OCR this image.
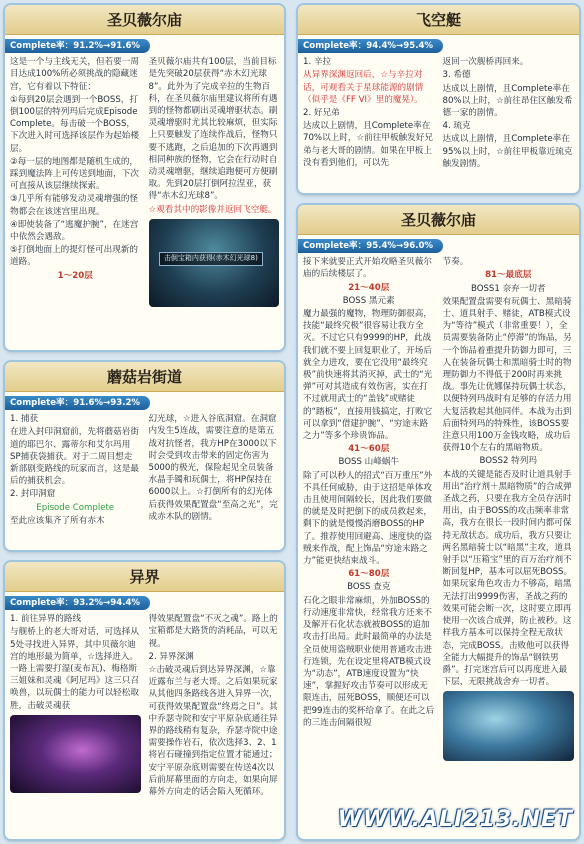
圣贝薇尔庙
Complete率：91.2%→91.6%

这是一个与主线无关，但若要一周目达成100%所必须挑战的隐藏迷宫，它有着以下特征：

①每到20层会遇到一个BOSS，打倒100层的特列玛后完成Episode Complete。每击破一个BOSS，下次进入时可选择该层作为起始楼层。

②每一层的地图都是随机生成的，踩到魔法阵上可传送到地面，下次可直接从该层继续探索。

③几乎所有能够发动灵魂增强的怪物都会在该迷宫里出现。

④即使装备了“逃魔护腕”，在迷宫中依然会遇敌。

⑤打倒地面上的提灯怪可出现新的道路。

1～20层

圣贝薇尔庙共有100层，当前目标是先突破20层获得“赤木幻光球8”。此外为了完成辛拉的生物百科，在圣贝薇尔庙里建议将所有遇到的怪物都刷出灵魂增驱状态。刷灵魂增驱时尤其比较麻烦，但实际上只要触发了连续作战后，怪物只要不逃跑，之后追加的下次再遇到相同种族的怪物，它会在行动时自动灵魂增驱，继续追跑便可方便刷取。先到20层打倒阿拉涅亚，获得“赤木幻光球8”。

☆观看其中的影像并返回飞空艇。

击倒宝箱内获得(赤木幻光球8)
飞空艇
Complete率：94.4%→95.4%

1. 辛拉

从异界深渊返回后，☆与辛拉对话，可观看关于星球能源的剧情（似乎是《FF VI》里的魔晃）。

2. 好兄弟

达成以上剧情，且Complete率在70%以上时，☆前往甲板触发好兄弟与老大哥的剧情。如果在甲板上没有看到他们，可以先

返回一次舰桥再回来。

3. 希德

达成以上剧情，且Complete率在80%以上时，☆前往昂住区触发希德一家的剧情。

4. 琉克

达成以上剧情，且Complete率在95%以上时，☆前往甲板靠近琉克触发剧情。

圣贝薇尔庙
Complete率：95.4%→96.0%

接下来就要正式开始攻略圣贝薇尔庙的后续楼层了。

21～40层

BOSS 黑元素

魔力最强的魔物，物理防御很高，技能“最终究极”很容易让我方全灭。不过它只有9999的HP，此战我们就不要上回复职业了，开场后就全力进攻，要在它没用“最终究极”前快速将其消灭掉，武士的“光弹”可对其造成有效伤害，实在打不过就用武士的“盖钱”或赌徒的“踏板”，直接用钱搞定，打败它可以拿到“借建护腕”、“穷途末路之力”等多个珍贵饰品。

41～60层

BOSS 山峰蜗牛

除了可以秒人的招式“百万重压”外不具任何威胁，由于这招是单体攻击且使用间隔较长，因此我们要做的就是及时把倒下的成员救起来，剩下的就是慢慢消磨BOSS的HP了。推荐使用回避高、速度快的盗贼来作战，配上饰品“穷途末路之力”能更快结束战斗。

61～80层

BOSS 查克

石化之眼非常麻烦，外加BOSS的行动速度非常快，经常我方还来不及解开石化状态就被BOSS的追加攻击打出局。此时最简单的办法是全员使用盗贼职业使用普通攻击进行连锁，先在设定里将ATB模式设为“动态”，ATB速度设置为“快速”，掌握好攻击节奏可以形成无限连击，屈死BOSS，顺便还可以把99连击的奖杯给拿了。在此之后的三连击间隔很短

节奏。

81～最底层

BOSS1 奈弃一切者

效果配置盘需要有玩偶士、黑暗骑士、道具射手、赌徒，ATB模式设为“等待”模式（非常重要！），全员需要装备防止“停滞”的饰品，另一个饰品着重提升防御力即可，三人在装备玩偶士和黑暗骑士时的物理防御力不得低于200时再来挑战。事先让优娜保持玩偶士状态，以便特列玛战时有足够的存活力用大复活救起其他同伴。本战为击到后面特列玛的特殊性，该BOSS要注意只用100万金钱攻略，成功后获得10个左右的黑暗物质。

BOSS2 特列玛

本战的关键是能否及时让道具射手用出“治疗剂＋黑暗物质”的合成弹圣战之药，只要在我方全员存活时用出，由于BOSS的攻击频率非常高，我方在很长一段时间内都可保持无敌状态。成功后，我方只要让两名黑暗骑士以“暗黑”主攻，道具射手以“压箱宝”里的百万治疗剂不断回复HP，基本可以屈死BOSS。如果玩家角色攻击力不够高，暗黑无法打出9999伤害，圣战之药的效果可能会断一次，这时要立即再使用一次该合成弹，防止被秒。这样我方基本可以保持全程无敌状态，完成BOSS。击败他可以获得全能力大幅提升的饰品“钢铁男爵”。打完迷宫后可以再度进入最下层，无限挑战舍弃一切者。

WWW.ALI213.NET
蘑菇岩街道
Complete率：91.6%→93.2%

1. 捕获

在进入封印洞窟前，先将蘑菇岩街道的耶巴尔、露蒂尔和艾尔玛用SP捕获袋捕获。对于二周目想走新部剧变路线的玩家而言，这是最后的捕获机会。

2. 封印洞窟

Episode Complete

至此应该集齐了所有赤木

幻光球，☆进入谷底洞窟。在洞窟内发生5连战，需要注意的是第五战对抗怪者，我方HP在3000以下时会受到攻击带来的固定伤害为5000的极光，保险起见全员装备水晶手镯和玩偶士，将HP保持在6000以上。☆打倒所有的幻光体后获得效果配置盘“至高之光”，完成赤木队的剧情。

异界
Complete率：93.2%→94.4%

1. 前往异界的路线

与舰桥上的老大哥对话，可选择从5处寻找进入异界，其中贝薇尔迪宫的地形最为简单，☆选择进入。一路上需要打湿(麦布瓦)、梅格斯三姐妹和灵魂《阿尼玛》这三只召唤兽，以玩偶士的能力可以轻松取胜，击破灵魂获

得效果配置盘“不灭之魂”。路上的宝箱都是大路货的消耗品，可以无视。

2. 异界深渊

☆击破灵魂后到达异界深渊，☆靠近露布兰与老大哥。之后如果玩家从其他四条路线各进入异界一次，可获得效果配置盘“终焉之日”。其中乔瑟寺院和安宁平原杂底通往异界的路线稍有复杂，乔瑟寺院中途需要操作岩石，依次选择3、2、1将岩石碰撞到指定位置才能通过；安宁平原杂底则需要在传送4次以后前屏幕里面的方向走，如果向屏幕外方向走的话会陷入死循环。
